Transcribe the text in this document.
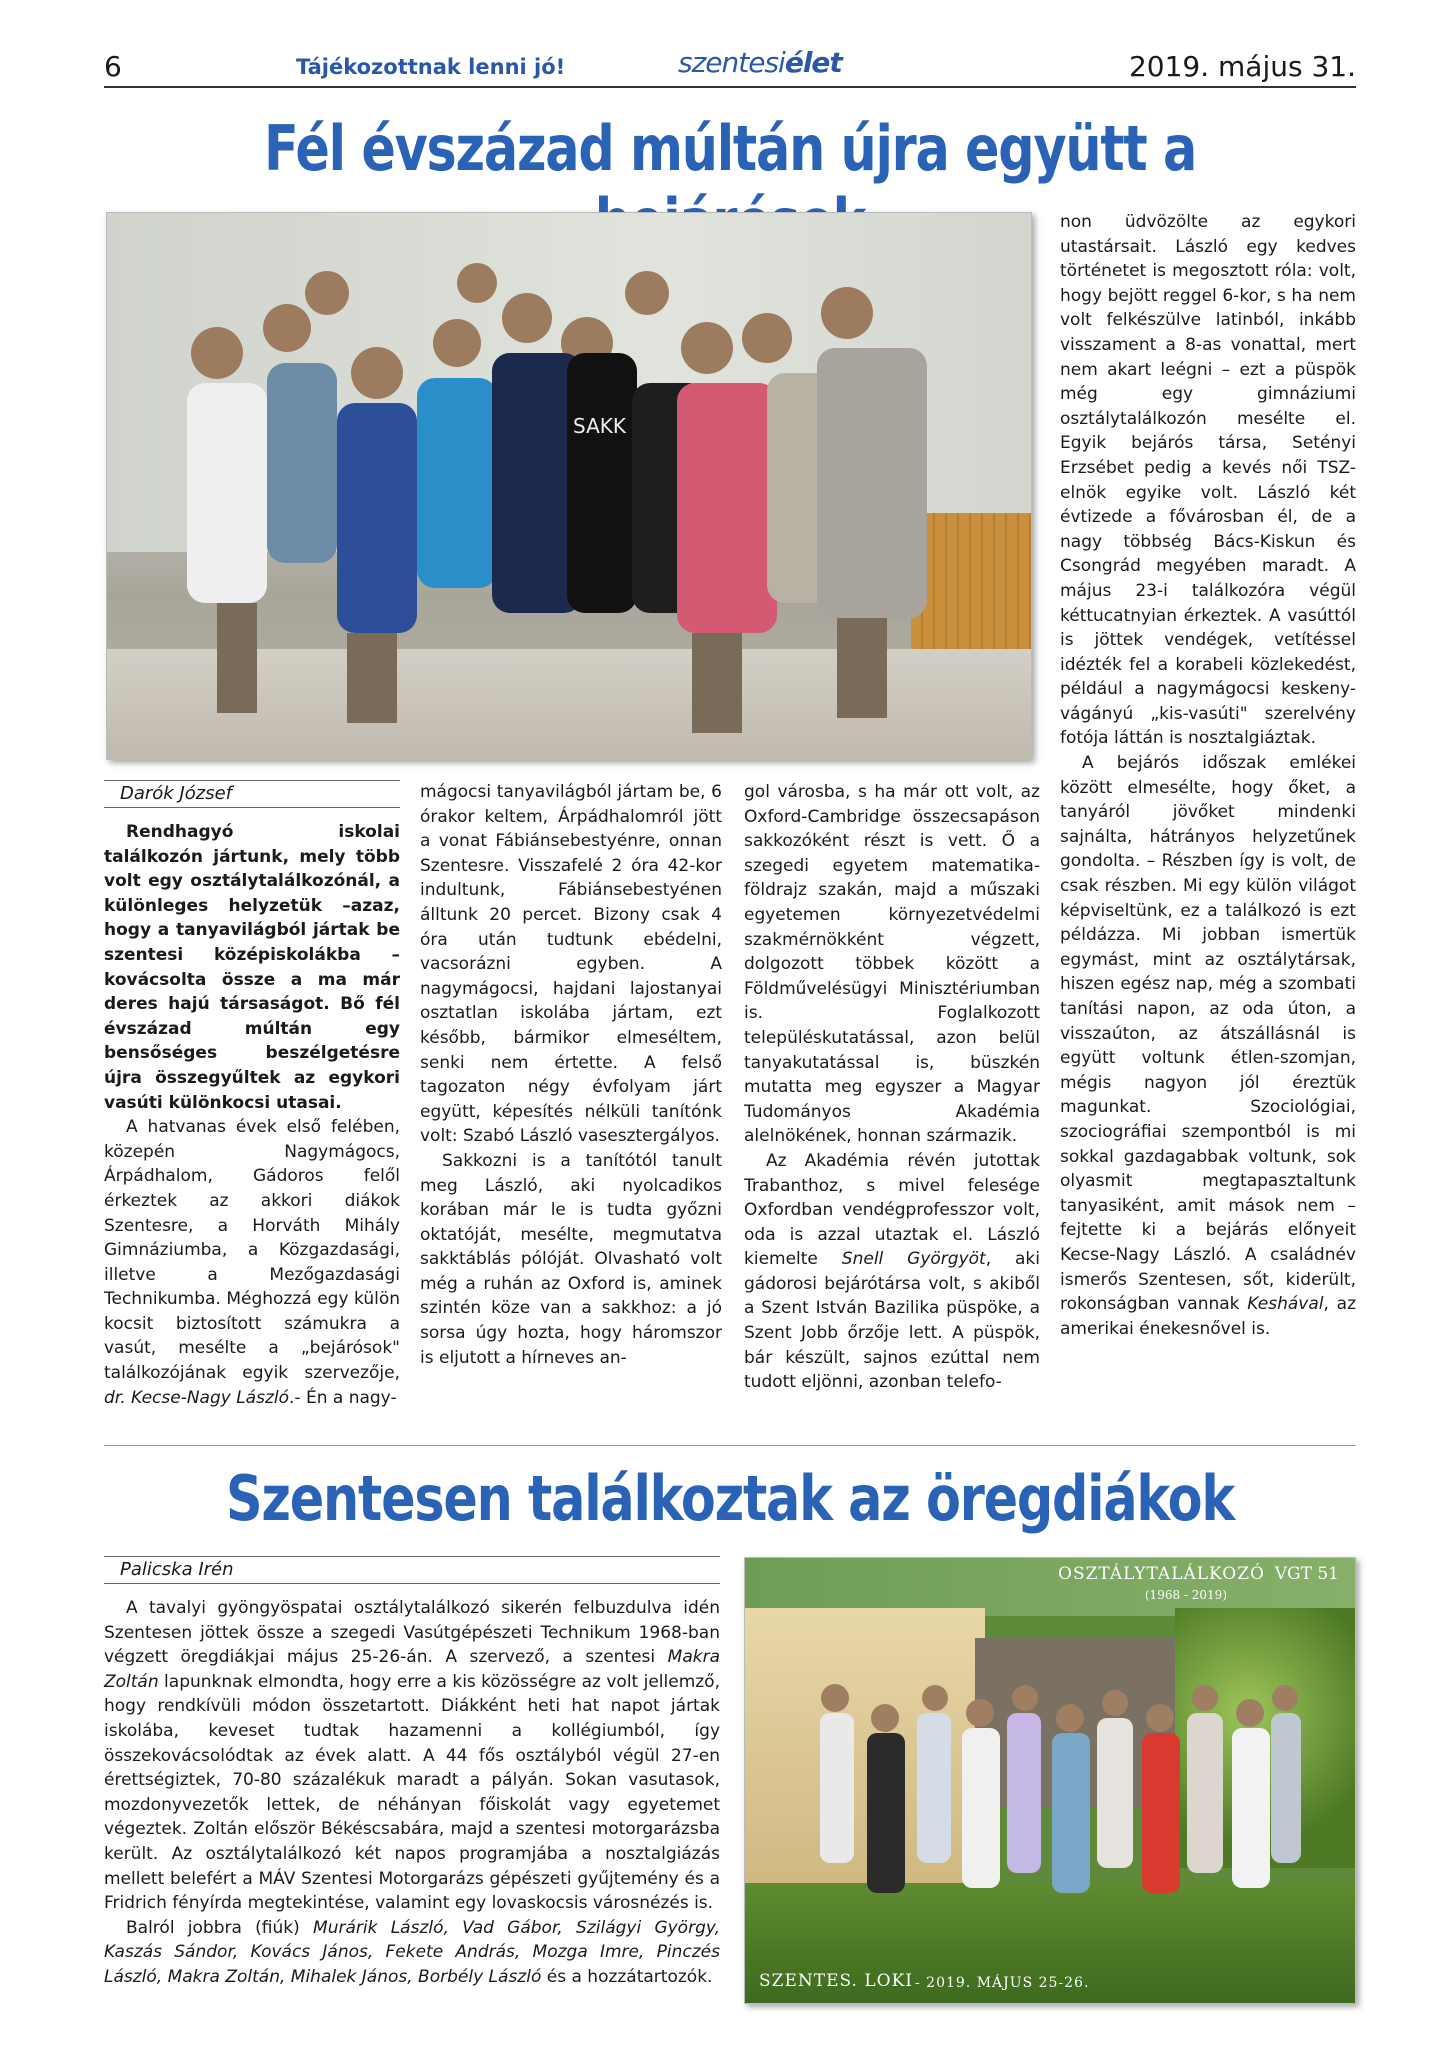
6	Tájékozottnak lenni jó!	szentesiélet	2019. május 31.
Fél évszázad múltán újra együtt a
SAKK
Darók József

Rendhagyó iskolai találkozón jártunk, mely több volt egy osztálytalálkozónál, a különleges helyzetük –azaz, hogy a tanyavilágból jártak be szentesi középiskolákba – kovácsolta össze a ma már deres hajú társaságot. Bő fél évszázad múltán egy bensőséges beszélgetésre újra összegyűltek az egykori vasúti különkocsi utasai.

A hatvanas évek első felében, közepén Nagymágocs, Árpádhalom, Gádoros felől érkeztek az akkori diákok Szentesre, a Horváth Mihály Gimnáziumba, a Közgazdasági, illetve a Mezőgazdasági Technikumba. Méghozzá egy külön kocsit biztosított számukra a vasút, mesélte a „bejárósok" találkozójának egyik szervezője, dr. Kecse-Nagy László.- Én a nagy-

mágocsi tanyavilágból jártam be, 6 órakor keltem, Árpádhalomról jött a vonat Fábiánsebestyénre, onnan Szentesre. Visszafelé 2 óra 42-kor indultunk, Fábiánsebestyénen álltunk 20 percet. Bizony csak 4 óra után tudtunk ebédelni, vacsorázni egyben. A nagymágocsi, hajdani lajostanyai osztatlan iskolába jártam, ezt később, bármikor elmeséltem, senki nem értette. A felső tagozaton négy évfolyam járt együtt, képesítés nélküli tanítónk volt: Szabó László vasesztergályos.

Sakkozni is a tanítótól tanult meg László, aki nyolcadikos korában már le is tudta győzni oktatóját, mesélte, megmutatva sakktáblás pólóját. Olvasható volt még a ruhán az Oxford is, aminek szintén köze van a sakkhoz: a jó sorsa úgy hozta, hogy háromszor is eljutott a hírneves an-

gol városba, s ha már ott volt, az Oxford-Cambridge összecsapáson sakkozóként részt is vett. Ő a szegedi egyetem matematika-földrajz szakán, majd a műszaki egyetemen környezetvédelmi szakmérnökként végzett, dolgozott többek között a Földművelésügyi Minisztériumban is. Foglalkozott településkutatással, azon belül tanyakutatással is, büszkén mutatta meg egyszer a Magyar Tudományos Akadémia alelnökének, honnan származik.

Az Akadémia révén jutottak Trabanthoz, s mivel felesége Oxfordban vendégprofesszor volt, oda is azzal utaztak el. László kiemelte Snell Györgyöt, aki gádorosi bejárótársa volt, s akiből a Szent István Bazilika püspöke, a Szent Jobb őrzője lett. A püspök, bár készült, sajnos ezúttal nem tudott eljönni, azonban telefo-

non üdvözölte az egykori utastársait. László egy kedves történetet is megosztott róla: volt, hogy bejött reggel 6-kor, s ha nem volt felkészülve latinból, inkább visszament a 8-as vonattal, mert nem akart leégni – ezt a püspök még egy gimnáziumi osztálytalálkozón mesélte el. Egyik bejárós társa, Setényi Erzsébet pedig a kevés női TSZ-elnök egyike volt. László két évtizede a fővárosban él, de a nagy többség Bács-Kiskun és Csongrád megyében maradt. A május 23-i találkozóra végül kéttucatnyian érkeztek. A vasúttól is jöttek vendégek, vetítéssel idézték fel a korabeli közlekedést, például a nagymágocsi keskeny-vágányú „kis-vasúti" szerelvény fotója láttán is nosztalgiáztak.

A bejárós időszak emlékei között elmesélte, hogy őket, a tanyáról jövőket mindenki sajnálta, hátrányos helyzetűnek gondolta. – Részben így is volt, de csak részben. Mi egy külön világot képviseltünk, ez a találkozó is ezt példázza. Mi jobban ismertük egymást, mint az osztálytársak, hiszen egész nap, még a szombati tanítási napon, az oda úton, a visszaúton, az átszállásnál is együtt voltunk étlen-szomjan, mégis nagyon jól éreztük magunkat. Szociológiai, szociográfiai szempontból is mi sokkal gazdagabbak voltunk, sok olyasmit megtapasztaltunk tanyasiként, amit mások nem – fejtette ki a bejárás előnyeit Kecse-Nagy László. A családnév ismerős Szentesen, sőt, kiderült, rokonságban vannak Keshával, az amerikai énekesnővel is.

Szentesen találkoztak az öregdiákok
Palicska Irén

A tavalyi gyöngyöspatai osztálytalálkozó sikerén felbuzdulva idén Szentesen jöttek össze a szegedi Vasútgépészeti Technikum 1968-ban végzett öregdiákjai május 25-26-án. A szervező, a szentesi Makra Zoltán lapunknak elmondta, hogy erre a kis közösségre az volt jellemző, hogy rendkívüli módon összetartott. Diákként heti hat napot jártak iskolába, keveset tudtak hazamenni a kollégiumból, így összekovácsolódtak az évek alatt. A 44 fős osztályból végül 27-en érettségiztek, 70-80 százalékuk maradt a pályán. Sokan vasutasok, mozdonyvezetők lettek, de néhányan főiskolát vagy egyetemet végeztek. Zoltán először Békéscsabára, majd a szentesi motorgarázsba került. Az osztálytalálkozó két napos programjába a nosztalgiázás mellett belefért a MÁV Szentesi Motorgarázs gépészeti gyűjtemény és a Fridrich fényírda megtekintése, valamint egy lovaskocsis városnézés is.

Balról jobbra (fiúk) Murárik László, Vad Gábor, Szilágyi György, Kaszás Sándor, Kovács János, Fekete András, Mozga Imre, Pinczés László, Makra Zoltán, Mihalek János, Borbély László és a hozzátartozók.

OSZTÁLYTALÁLKOZÓ VGT 51
(1968 - 2019)
SZENTES. LOKI - 2019. MÁJUS 25-26.
